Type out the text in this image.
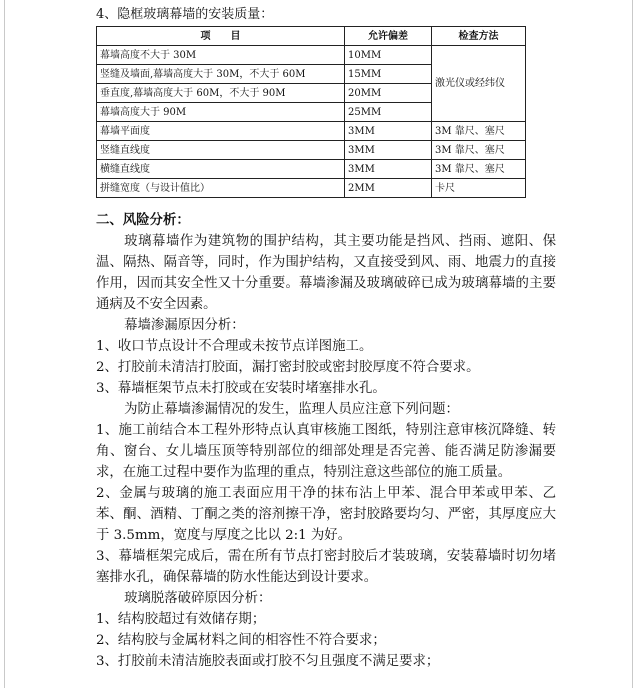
4、隐框玻璃幕墙的安装质量：
项　　目	允许偏差	检查方法
幕墙高度不大于 30M	10MM	激光仪或经纬仪
竖缝及墙面,幕墙高度大于 30M，不大于 60M	15MM	
垂直度,幕墙高度大于 60M，不大于 90M	20MM	
幕墙高度大于 90M	25MM	
幕墙平面度	3MM	3M 靠尺、塞尺
竖缝直线度	3MM	3M 靠尺、塞尺
横缝直线度	3MM	3M 靠尺、塞尺
拼缝宽度（与设计值比）	2MM	卡尺

二、风险分析：

玻璃幕墙作为建筑物的围护结构，其主要功能是挡风、挡雨、遮阳、保温、隔热、隔音等，同时，作为围护结构，又直接受到风、雨、地震力的直接作用，因而其安全性又十分重要。幕墙渗漏及玻璃破碎已成为玻璃幕墙的主要通病及不安全因素。

幕墙渗漏原因分析：

1、收口节点设计不合理或未按节点详图施工。

2、打胶前未清洁打胶面，漏打密封胶或密封胶厚度不符合要求。

3、幕墙框架节点未打胶或在安装时堵塞排水孔。

为防止幕墙渗漏情况的发生，监理人员应注意下列问题：

1、施工前结合本工程外形特点认真审核施工图纸，特别注意审核沉降缝、转角、窗台、女儿墙压顶等特别部位的细部处理是否完善、能否满足防渗漏要求，在施工过程中要作为监理的重点，特别注意这些部位的施工质量。

2、金属与玻璃的施工表面应用干净的抹布沾上甲苯、混合甲苯或甲苯、乙苯、酮、酒精、丁酮之类的溶剂擦干净，密封胶路要均匀、严密，其厚度应大于 3.5mm，宽度与厚度之比以 2:1 为好。

3、幕墙框架完成后，需在所有节点打密封胶后才装玻璃，安装幕墙时切勿堵塞排水孔，确保幕墙的防水性能达到设计要求。

玻璃脱落破碎原因分析：

1、结构胶超过有效储存期；

2、结构胶与金属材料之间的相容性不符合要求；

3、打胶前未清洁施胶表面或打胶不匀且强度不满足要求；
